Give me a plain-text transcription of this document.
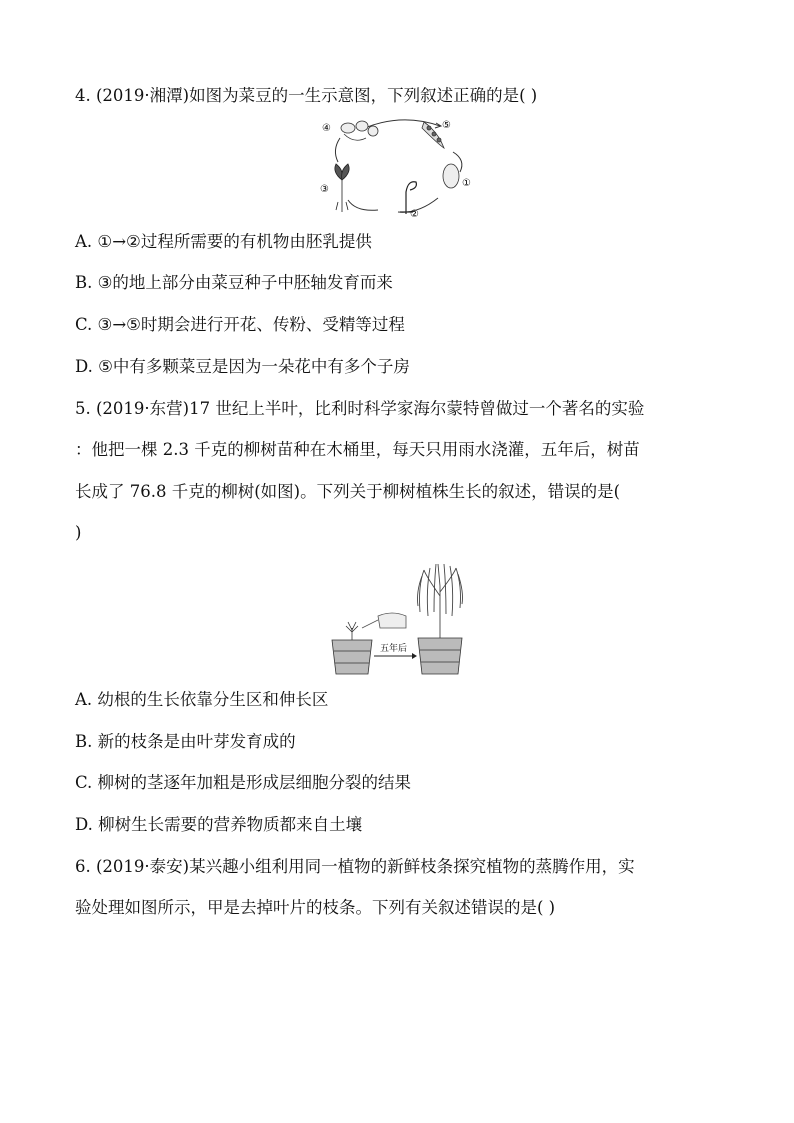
4. (2019·湘潭)如图为菜豆的一生示意图，下列叙述正确的是( )
④	⑤
①
②
③
A. ①→②过程所需要的有机物由胚乳提供
B. ③的地上部分由菜豆种子中胚轴发育而来
C. ③→⑤时期会进行开花、传粉、受精等过程
D. ⑤中有多颗菜豆是因为一朵花中有多个子房
5. (2019·东营)17 世纪上半叶，比利时科学家海尔蒙特曾做过一个著名的实验
：他把一棵 2.3 千克的柳树苗种在木桶里，每天只用雨水浇灌，五年后，树苗
长成了 76.8 千克的柳树(如图)。下列关于柳树植株生长的叙述，错误的是(
)
五年后
A. 幼根的生长依靠分生区和伸长区
B. 新的枝条是由叶芽发育成的
C. 柳树的茎逐年加粗是形成层细胞分裂的结果
D. 柳树生长需要的营养物质都来自土壤
6. (2019·泰安)某兴趣小组利用同一植物的新鲜枝条探究植物的蒸腾作用，实
验处理如图所示，甲是去掉叶片的枝条。下列有关叙述错误的是( )
